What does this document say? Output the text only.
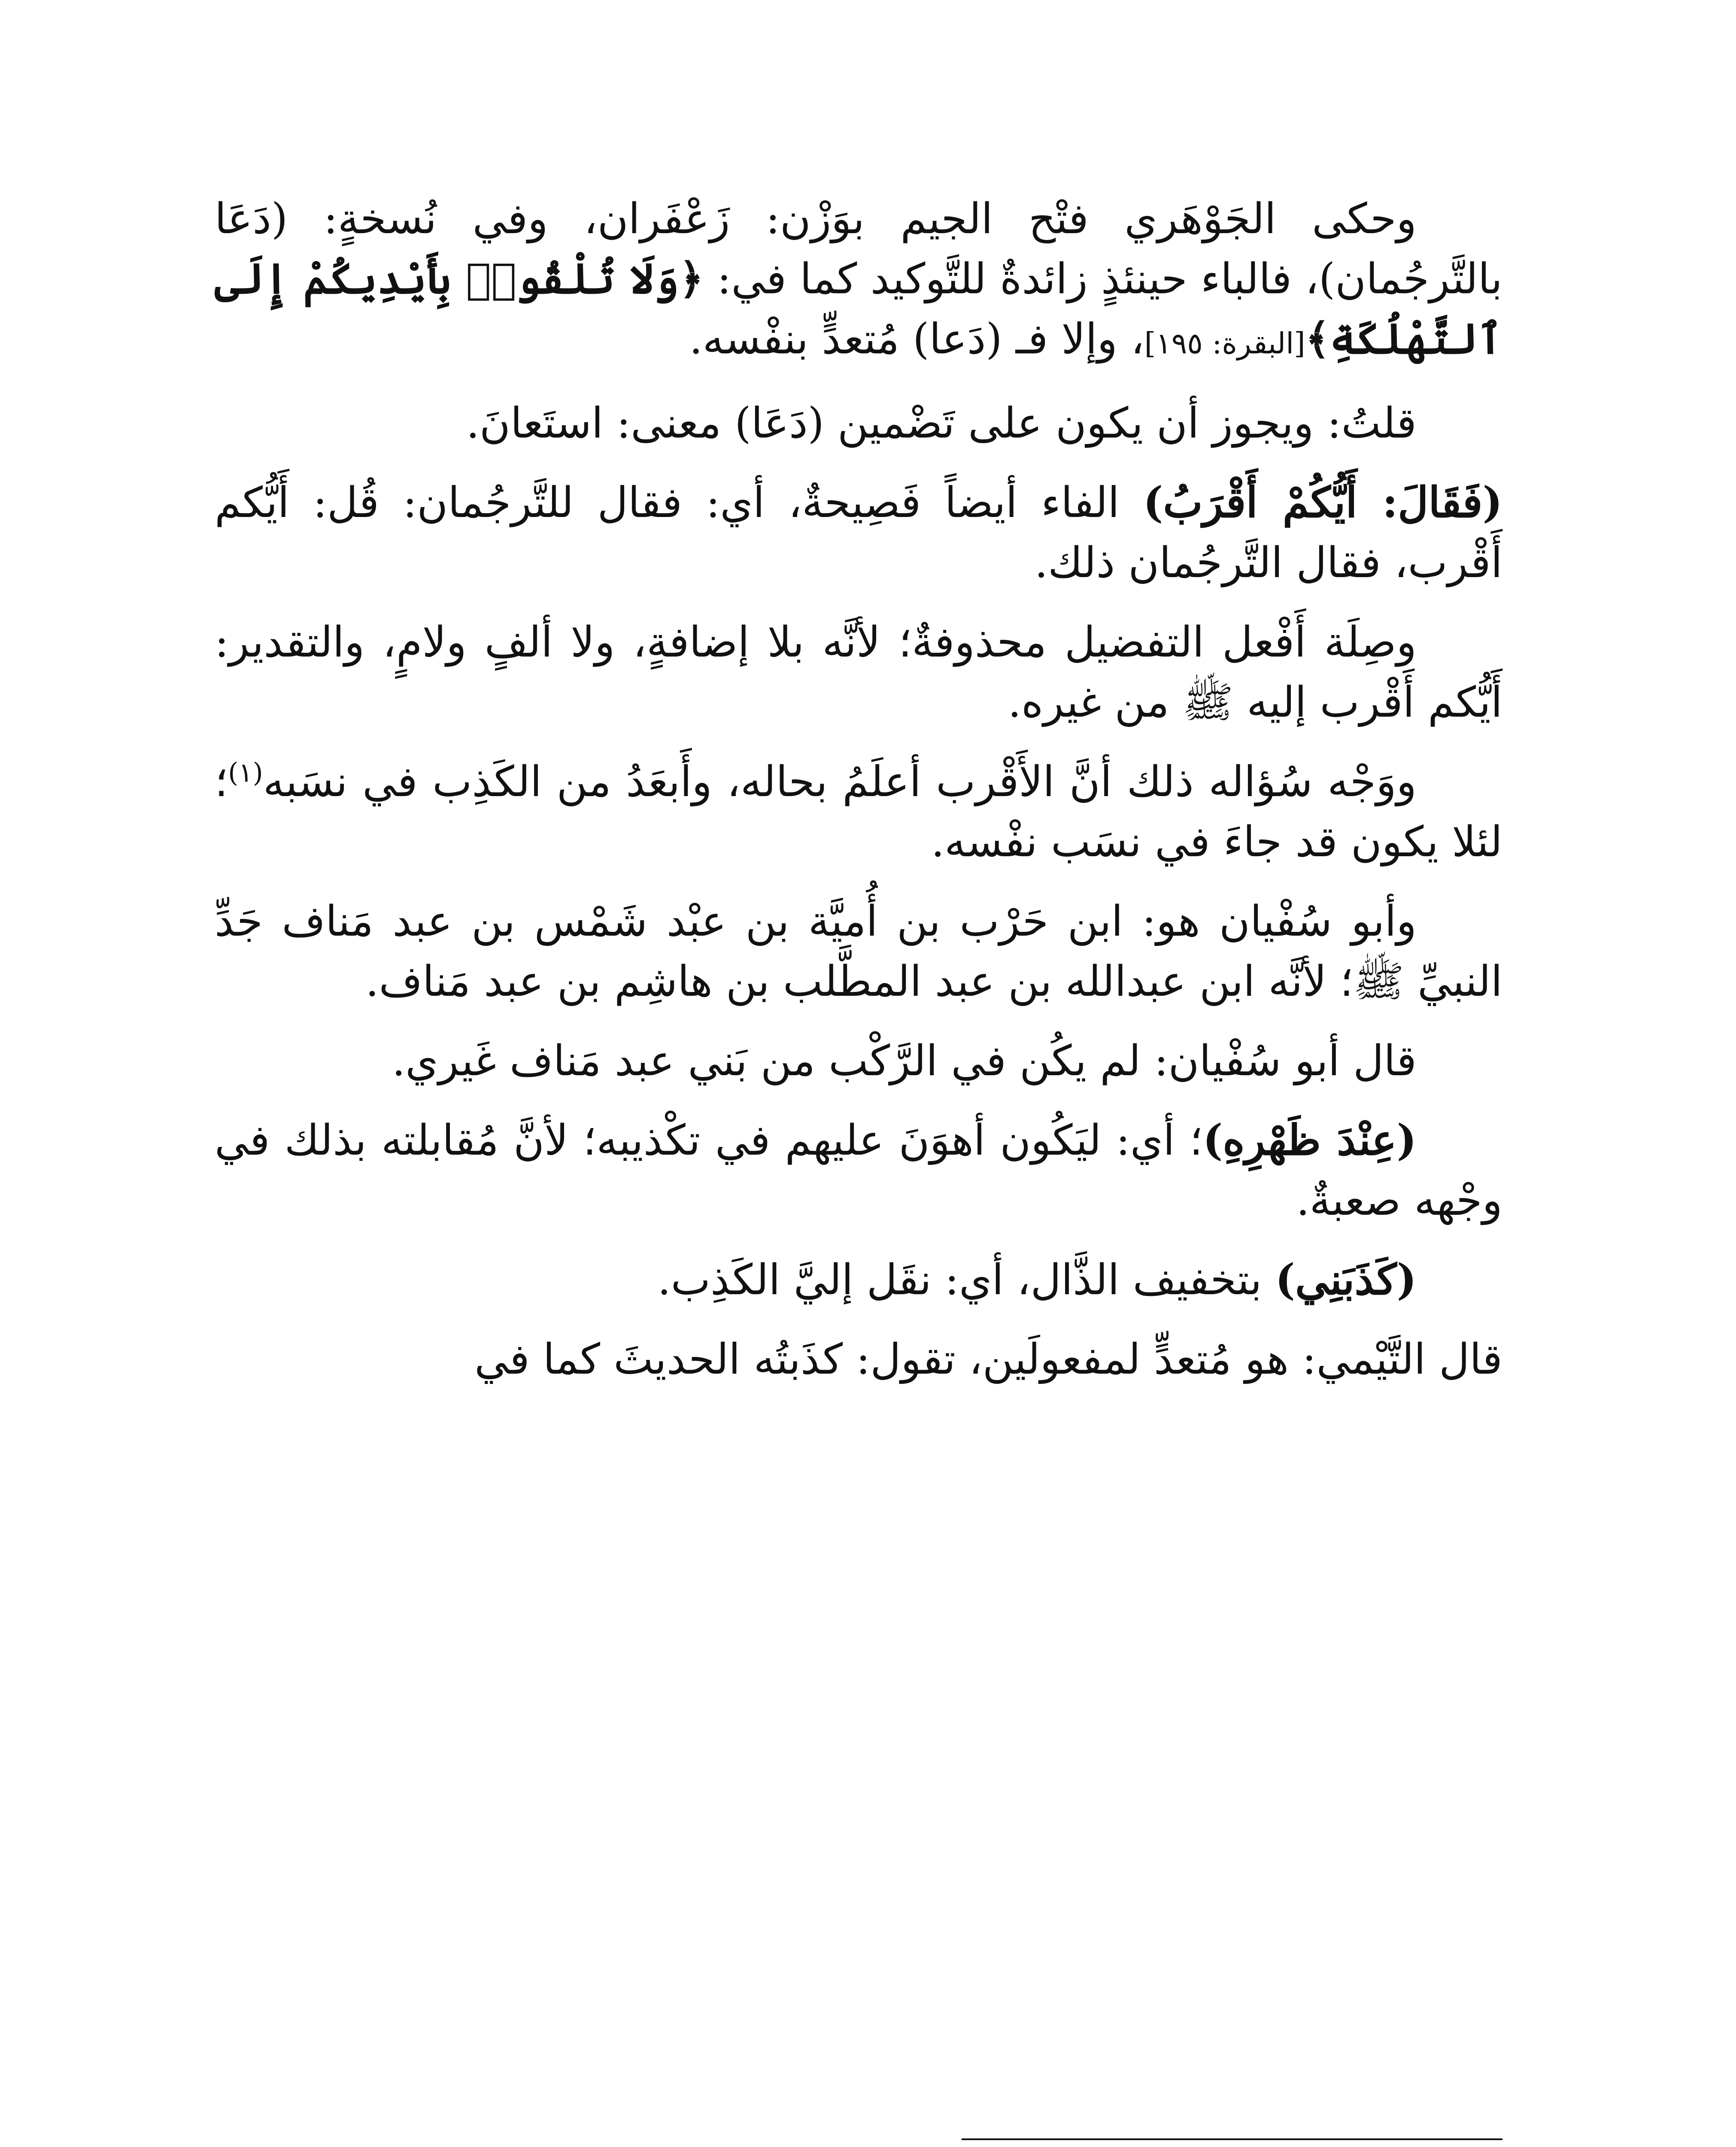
وحكى الجَوْهَري فتْح الجيم بوَزْن: زَعْفَران، وفي نُسخةٍ: (دَعَا بالتَّرجُمان)، فالباء حينئذٍ زائدةٌ للتَّوكيد كما في: ﴿وَلَا تُلْقُوا۟ بِأَيْدِيكُمْ إِلَى ٱلتَّهْلُكَةِ﴾[البقرة: ١٩٥]، وإلا فـ (دَعا) مُتعدٍّ بنفْسه.

قلتُ: ويجوز أن يكون على تَضْمين (دَعَا) معنى: استَعانَ.

(فَقَالَ: أَيُّكُمْ أَقْرَبُ) الفاء أيضاً فَصِيحةٌ، أي: فقال للتَّرجُمان: قُل: أَيُّكم أَقْرب، فقال التَّرجُمان ذلك.

وصِلَة أَفْعل التفضيل محذوفةٌ؛ لأنَّه بلا إضافةٍ، ولا ألفٍ ولامٍ، والتقدير: أَيُّكم أَقْرب إليه ﷺ من غيره.

ووَجْه سُؤاله ذلك أنَّ الأَقْرب أعلَمُ بحاله، وأَبعَدُ من الكَذِب في نسَبه$^{(١)}$؛ لئلا يكون قد جاءَ في نسَب نفْسه.

وأبو سُفْيان هو: ابن حَرْب بن أُميَّة بن عبْد شَمْس بن عبد مَناف جَدِّ النبيِّ ﷺ؛ لأنَّه ابن عبدالله بن عبد المطَّلب بن هاشِم بن عبد مَناف.

قال أبو سُفْيان: لم يكُن في الرَّكْب من بَني عبد مَناف غَيري.

(عِنْدَ ظَهْرِهِ)؛ أي: ليَكُون أهوَنَ عليهم في تكْذيبه؛ لأنَّ مُقابلته بذلك في وجْهه صعبةٌ.

(كَذَبَنِي) بتخفيف الذَّال، أي: نقَل إليَّ الكَذِب.

قال التَّيْمي: هو مُتعدٍّ لمفعولَين، تقول: كذَبتُه الحديثَ كما في
